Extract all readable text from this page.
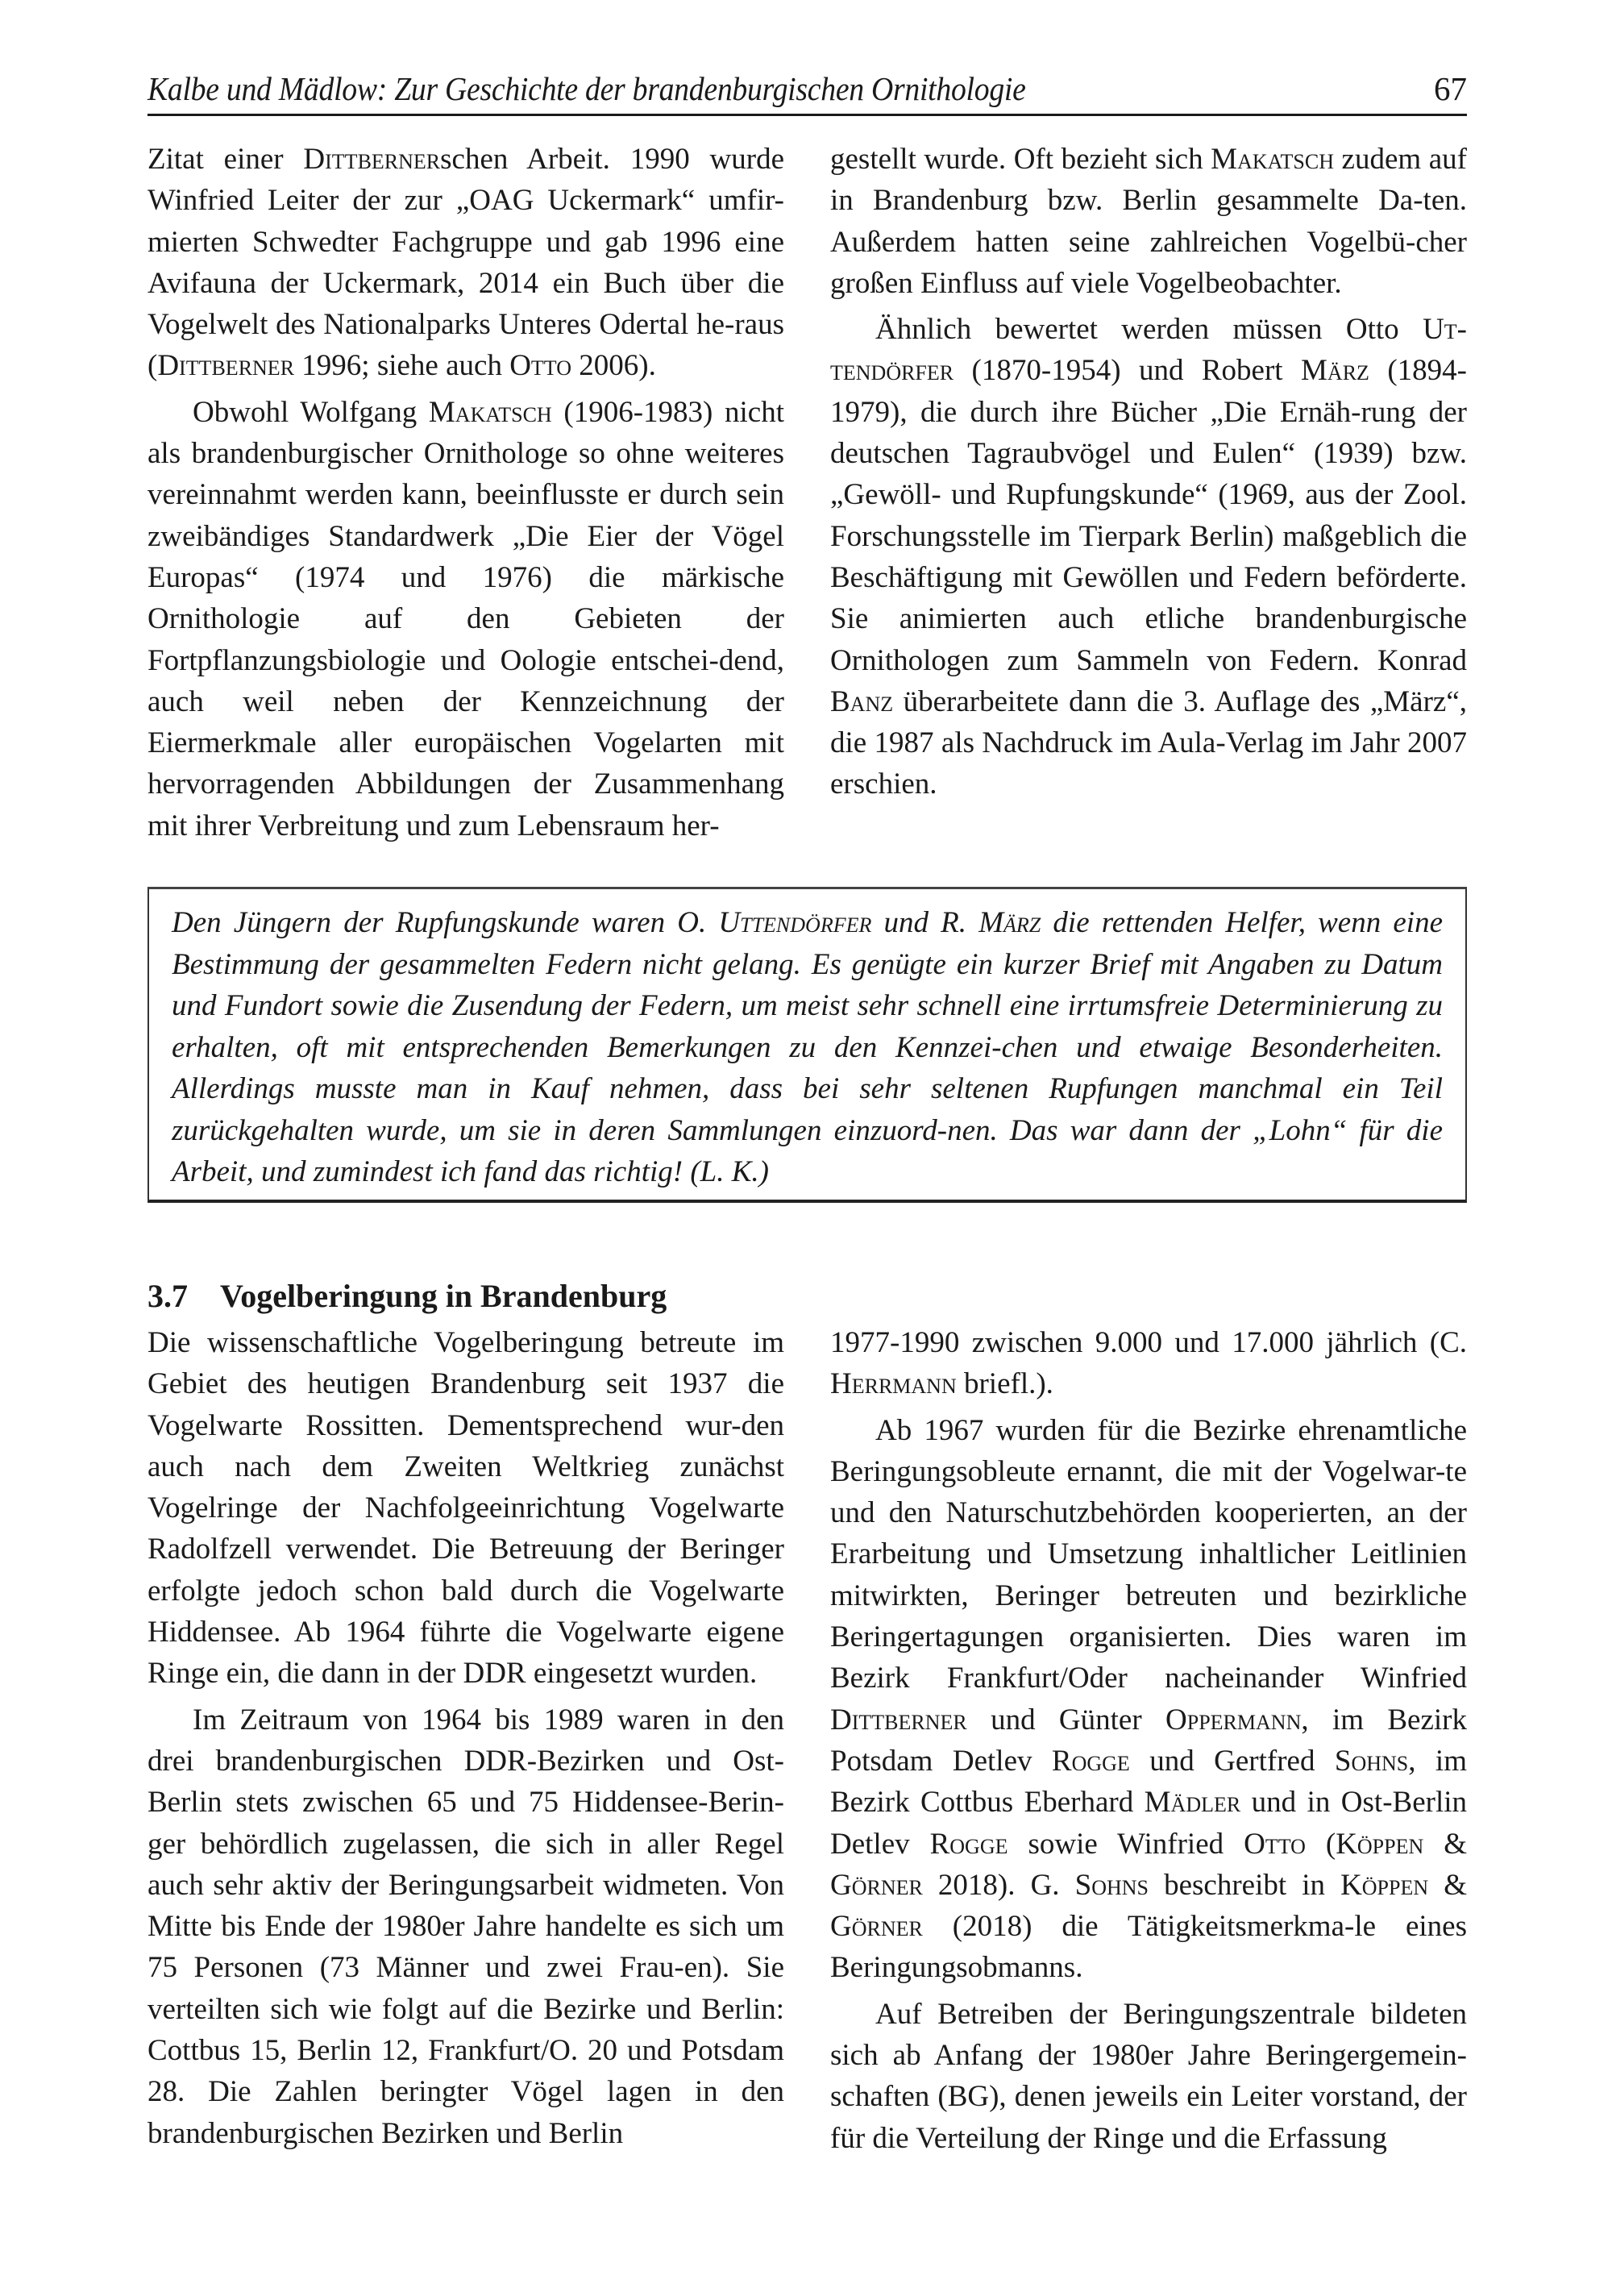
Kalbe und Mädlow: Zur Geschichte der brandenburgischen Ornithologie	67

Zitat einer Dittbernerschen Arbeit. 1990 wurde Winfried Leiter der zur „OAG Uckermark“ umfir-mierten Schwedter Fachgruppe und gab 1996 eine Avifauna der Uckermark, 2014 ein Buch über die Vogelwelt des Nationalparks Unteres Odertal he-raus (Dittberner 1996; siehe auch Otto 2006).

Obwohl Wolfgang Makatsch (1906-1983) nicht als brandenburgischer Ornithologe so ohne weiteres vereinnahmt werden kann, beeinflusste er durch sein zweibändiges Standardwerk „Die Eier der Vögel Europas“ (1974 und 1976) die märkische Ornithologie auf den Gebieten der Fortpflanzungsbiologie und Oologie entschei-dend, auch weil neben der Kennzeichnung der Eiermerkmale aller europäischen Vogelarten mit hervorragenden Abbildungen der Zusammenhang mit ihrer Verbreitung und zum Lebensraum her-

gestellt wurde. Oft bezieht sich Makatsch zudem auf in Brandenburg bzw. Berlin gesammelte Da-ten. Außerdem hatten seine zahlreichen Vogelbü-cher großen Einfluss auf viele Vogelbeobachter.

Ähnlich bewertet werden müssen Otto Ut-tendörfer (1870-1954) und Robert März (1894- 1979), die durch ihre Bücher „Die Ernäh-rung der deutschen Tagraubvögel und Eulen“ (1939) bzw. „Gewöll- und Rupfungskunde“ (1969, aus der Zool. Forschungsstelle im Tierpark Berlin) maßgeblich die Beschäftigung mit Gewöllen und Federn beförderte. Sie animierten auch etliche brandenburgische Ornithologen zum Sammeln von Federn. Konrad Banz überarbeitete dann die 3. Auflage des „März“, die 1987 als Nachdruck im Aula-Verlag im Jahr 2007 erschien.

Den Jüngern der Rupfungskunde waren O. Uttendörfer und R. März die rettenden Helfer, wenn eine Bestimmung der gesammelten Federn nicht gelang. Es genügte ein kurzer Brief mit Angaben zu Datum und Fundort sowie die Zusendung der Federn, um meist sehr schnell eine irrtumsfreie Determinierung zu erhalten, oft mit entsprechenden Bemerkungen zu den Kennzei-chen und etwaige Besonderheiten. Allerdings musste man in Kauf nehmen, dass bei sehr seltenen Rupfungen manchmal ein Teil zurückgehalten wurde, um sie in deren Sammlungen einzuord-nen. Das war dann der „Lohn“ für die Arbeit, und zumindest ich fand das richtig! (L. K.)

3.7 Vogelberingung in Brandenburg

Die wissenschaftliche Vogelberingung betreute im Gebiet des heutigen Brandenburg seit 1937 die Vogelwarte Rossitten. Dementsprechend wur-den auch nach dem Zweiten Weltkrieg zunächst Vogelringe der Nachfolgeeinrichtung Vogelwarte Radolfzell verwendet. Die Betreuung der Beringer erfolgte jedoch schon bald durch die Vogelwarte Hiddensee. Ab 1964 führte die Vogelwarte eigene Ringe ein, die dann in der DDR eingesetzt wurden.

Im Zeitraum von 1964 bis 1989 waren in den drei brandenburgischen DDR-Bezirken und Ost-Berlin stets zwischen 65 und 75 Hiddensee-Berin-ger behördlich zugelassen, die sich in aller Regel auch sehr aktiv der Beringungsarbeit widmeten. Von Mitte bis Ende der 1980er Jahre handelte es sich um 75 Personen (73 Männer und zwei Frau-en). Sie verteilten sich wie folgt auf die Bezirke und Berlin: Cottbus 15, Berlin 12, Frankfurt/O. 20 und Potsdam 28. Die Zahlen beringter Vögel lagen in den brandenburgischen Bezirken und Berlin

1977-1990 zwischen 9.000 und 17.000 jährlich (C. Herrmann briefl.).

Ab 1967 wurden für die Bezirke ehrenamtliche Beringungsobleute ernannt, die mit der Vogelwar-te und den Naturschutzbehörden kooperierten, an der Erarbeitung und Umsetzung inhaltlicher Leitlinien mitwirkten, Beringer betreuten und bezirkliche Beringertagungen organisierten. Dies waren im Bezirk Frankfurt/Oder nacheinander Winfried Dittberner und Günter Oppermann, im Bezirk Potsdam Detlev Rogge und Gertfred Sohns, im Bezirk Cottbus Eberhard Mädler und in Ost-Berlin Detlev Rogge sowie Winfried Otto (Köppen & Görner 2018). G. Sohns beschreibt in Köppen & Görner (2018) die Tätigkeitsmerkma-le eines Beringungsobmanns.

Auf Betreiben der Beringungszentrale bildeten sich ab Anfang der 1980er Jahre Beringergemein-schaften (BG), denen jeweils ein Leiter vorstand, der für die Verteilung der Ringe und die Erfassung
